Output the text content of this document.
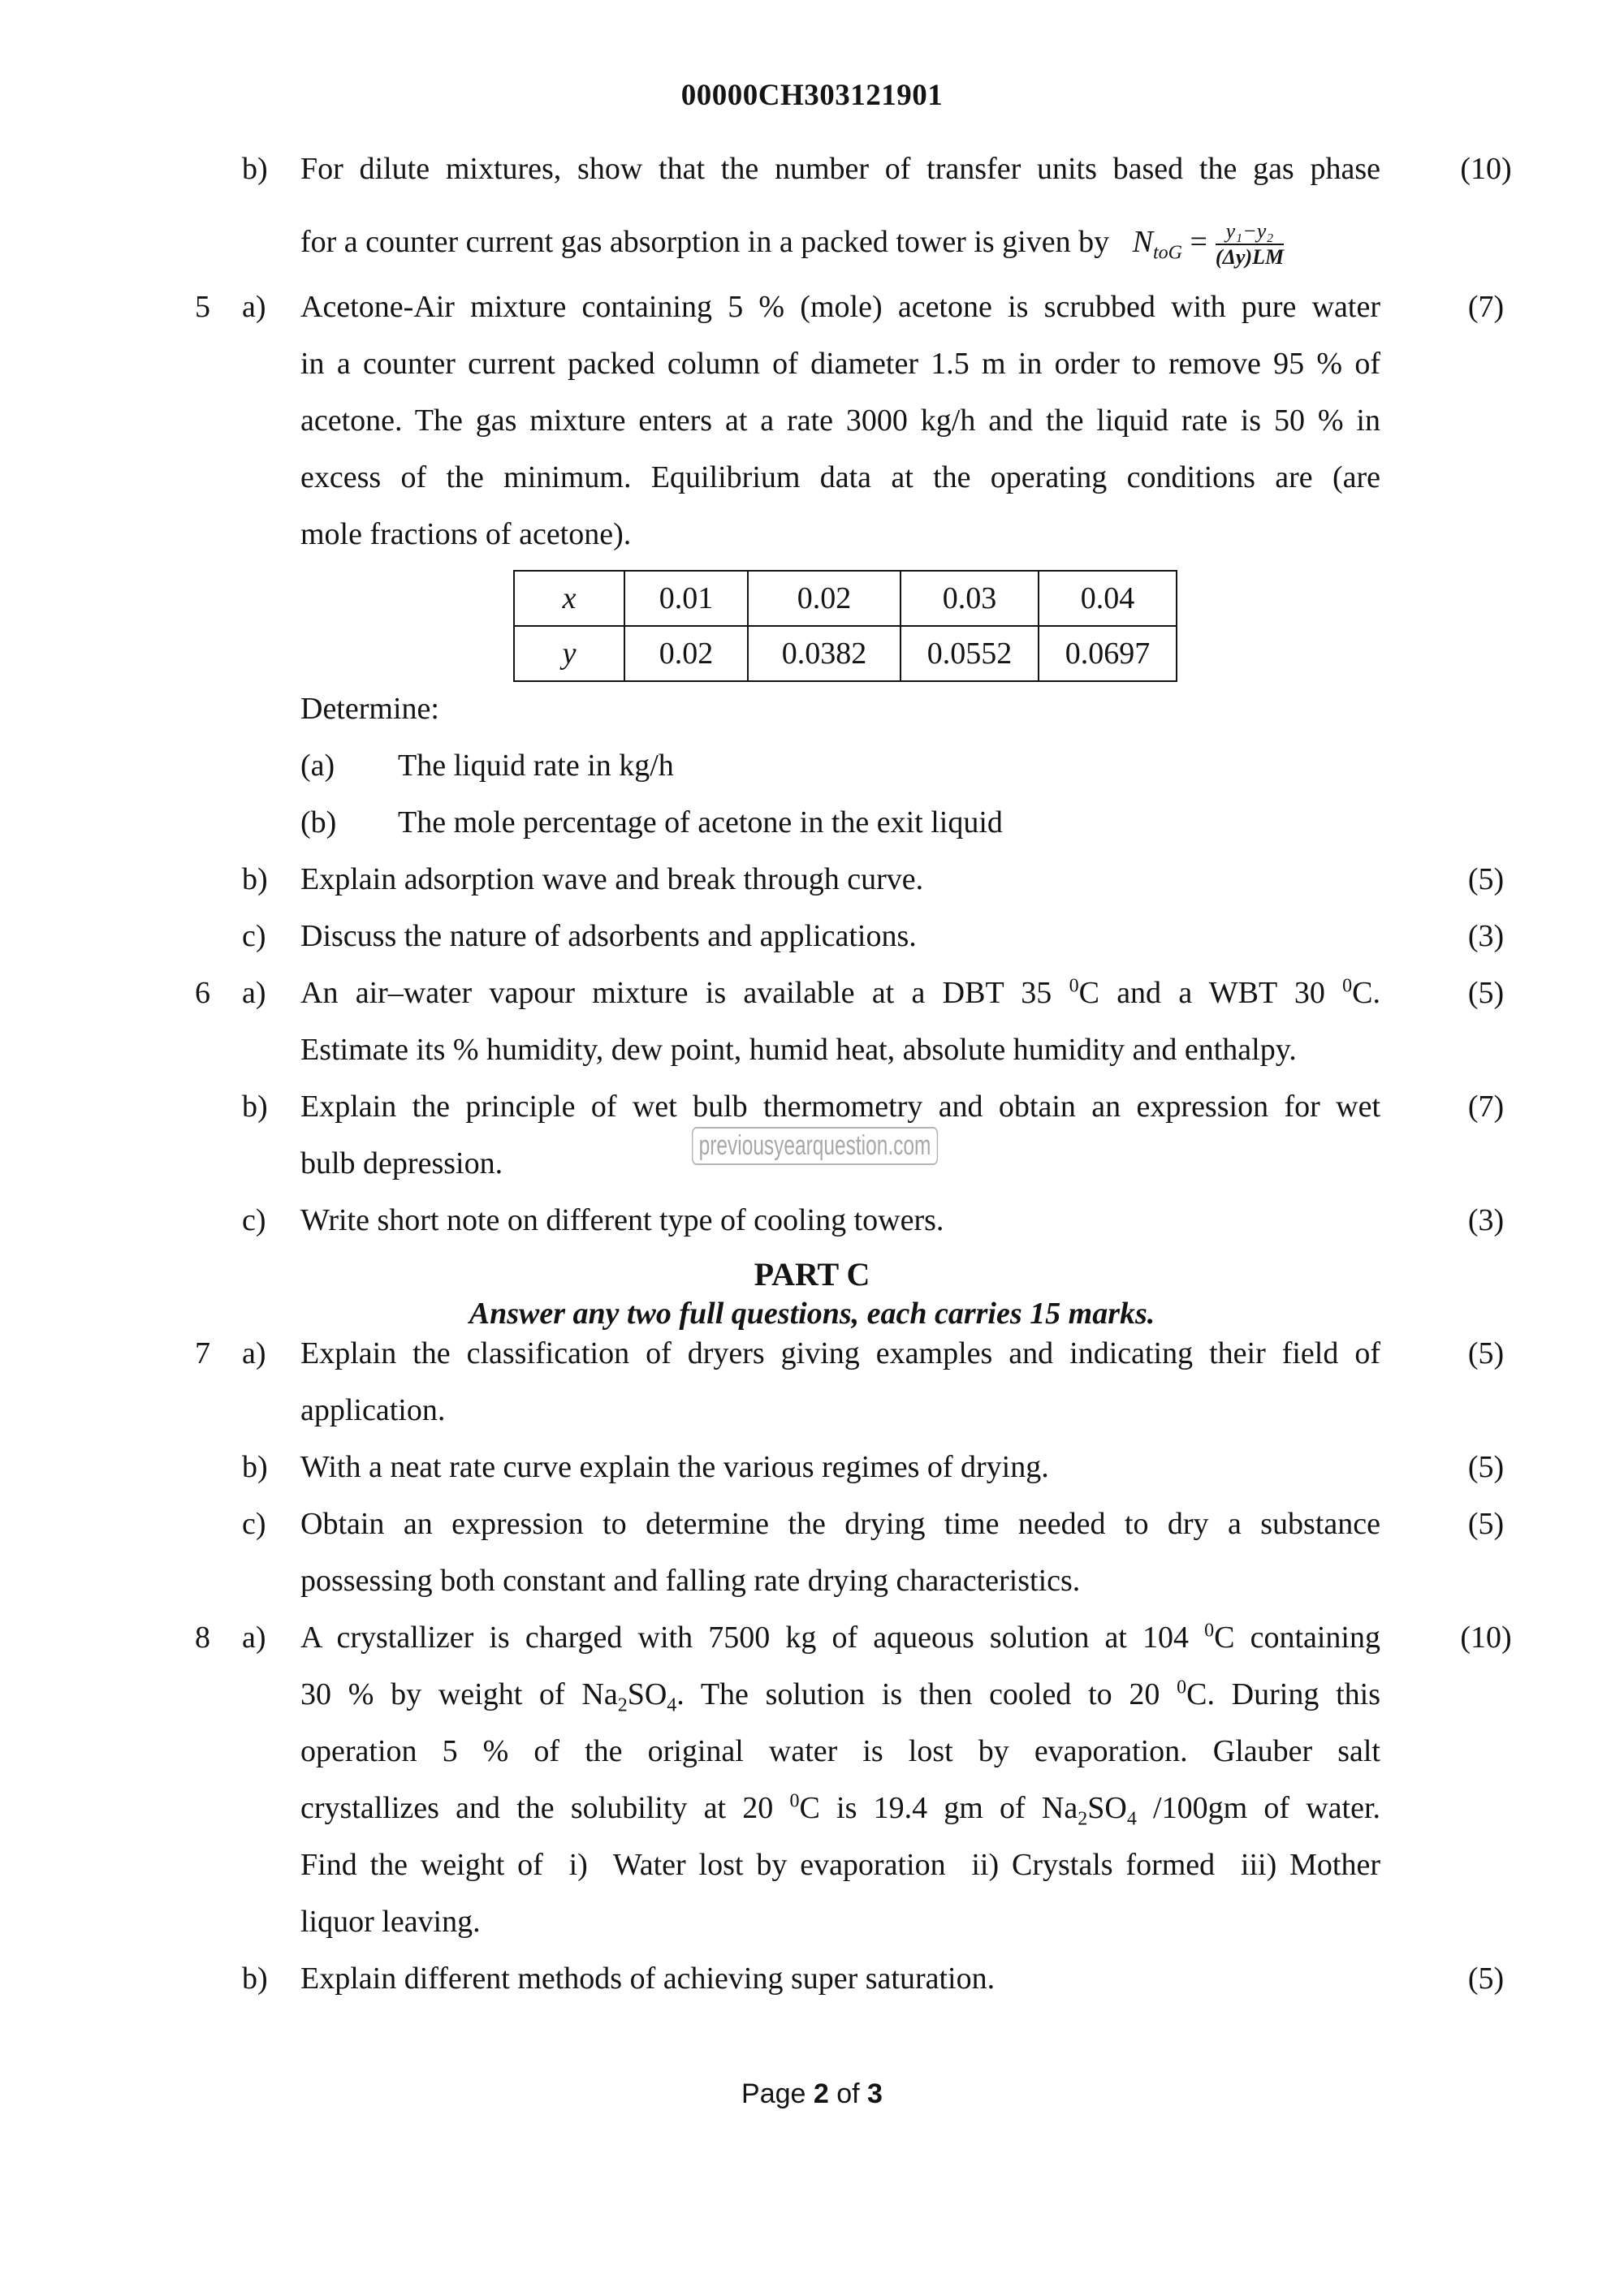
00000CH303121901
b) For dilute mixtures, show that the number of transfer units based the gas phase	(10)
for a counter current gas absorption in a packed tower is given by $N_{toG} = \frac{\text{y₁−y₂}}{(\Delta y)LM}$
5 a) Acetone-Air mixture containing 5 % (mole) acetone is scrubbed with pure water	(7)
in a counter current packed column of diameter 1.5 m in order to remove 95 % of
acetone. The gas mixture enters at a rate 3000 kg/h and the liquid rate is 50 % in
excess of the minimum. Equilibrium data at the operating conditions are (are
mole fractions of acetone).
x	0.01	0.02	0.03	0.04
y	0.02	0.0382	0.0552	0.0697
Determine:
(a) The liquid rate in kg/h
(b) The mole percentage of acetone in the exit liquid
b) Explain adsorption wave and break through curve.	(5)
c) Discuss the nature of adsorbents and applications.	(3)
6 a) An air–water vapour mixture is available at a DBT 35 $^0$C and a WBT 30 $^0$C.	(5)
Estimate its % humidity, dew point, humid heat, absolute humidity and enthalpy.
b) Explain the principle of wet bulb thermometry and obtain an expression for wet	(7)
bulb depression.
previousyearquestion.com
c) Write short note on different type of cooling towers.	(3)
PART C
Answer any two full questions, each carries 15 marks.
7 a) Explain the classification of dryers giving examples and indicating their field of	(5)
application.
b) With a neat rate curve explain the various regimes of drying.	(5)
c) Obtain an expression to determine the drying time needed to dry a substance	(5)
possessing both constant and falling rate drying characteristics.
8 a) A crystallizer is charged with 7500 kg of aqueous solution at 104 $^0$C containing	(10)
30 % by weight of $Na_2SO_4$. The solution is then cooled to 20 $^0$C. During this
operation 5 % of the original water is lost by evaporation. Glauber salt
crystallizes and the solubility at 20 $^0$C is 19.4 gm of $Na_2SO_4$ /100gm of water.
Find the weight of  i)  Water lost by evaporation  ii) Crystals formed  iii) Mother
liquor leaving.
b) Explain different methods of achieving super saturation.	(5)
Page 2 of 3
